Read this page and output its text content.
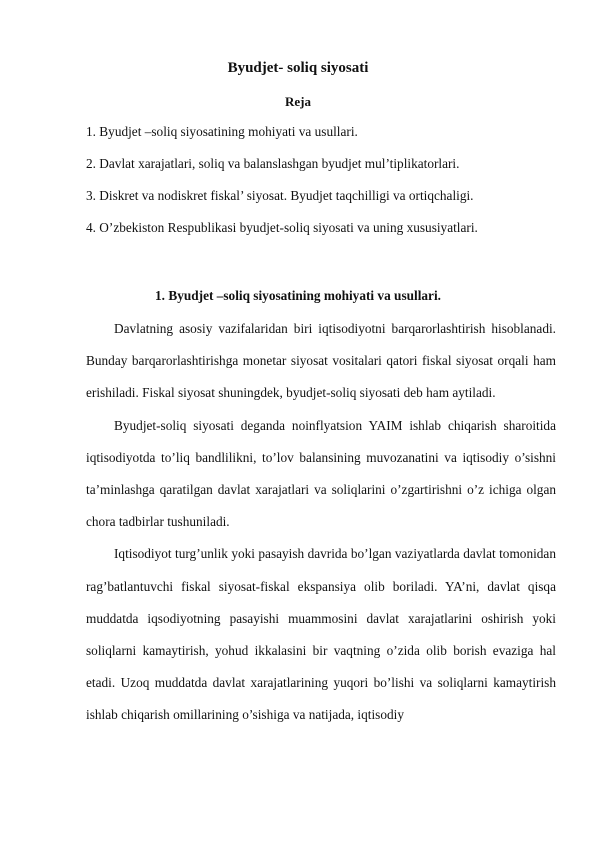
Byudjet- soliq siyosati
Reja
1. Byudjet –soliq siyosatining mohiyati va usullari.
2. Davlat xarajatlari, soliq va balanslashgan byudjet mul’tiplikatorlari.
3. Diskret va nodiskret fiskal’ siyosat. Byudjet taqchilligi va ortiqchaligi.
4. O’zbekiston Respublikasi byudjet-soliq siyosati va uning xususiyatlari.
1. Byudjet –soliq siyosatining mohiyati va usullari.

Davlatning asosiy vazifalaridan biri iqtisodiyotni barqarorlashtirish hisoblanadi. Bunday barqarorlashtirishga monetar siyosat vositalari qatori fiskal siyosat orqali ham erishiladi. Fiskal siyosat shuningdek, byudjet-soliq siyosati deb ham aytiladi.

Byudjet-soliq siyosati deganda noinflyatsion YAIM ishlab chiqarish sharoitida iqtisodiyotda to’liq bandlilikni, to’lov balansining muvozanatini va iqtisodiy o’sishni ta’minlashga qaratilgan davlat xarajatlari va soliqlarini o’zgartirishni o’z ichiga olgan chora tadbirlar tushuniladi.

Iqtisodiyot turg’unlik yoki pasayish davrida bo’lgan vaziyatlarda davlat tomonidan rag’batlantuvchi fiskal siyosat-fiskal ekspansiya olib boriladi. YA’ni, davlat qisqa muddatda iqsodiyotning pasayishi muammosini davlat xarajatlarini oshirish yoki soliqlarni kamaytirish, yohud ikkalasini bir vaqtning o’zida olib borish evaziga hal etadi. Uzoq muddatda davlat xarajatlarining yuqori bo’lishi va soliqlarni kamaytirish ishlab chiqarish omillarining o’sishiga va natijada, iqtisodiy
